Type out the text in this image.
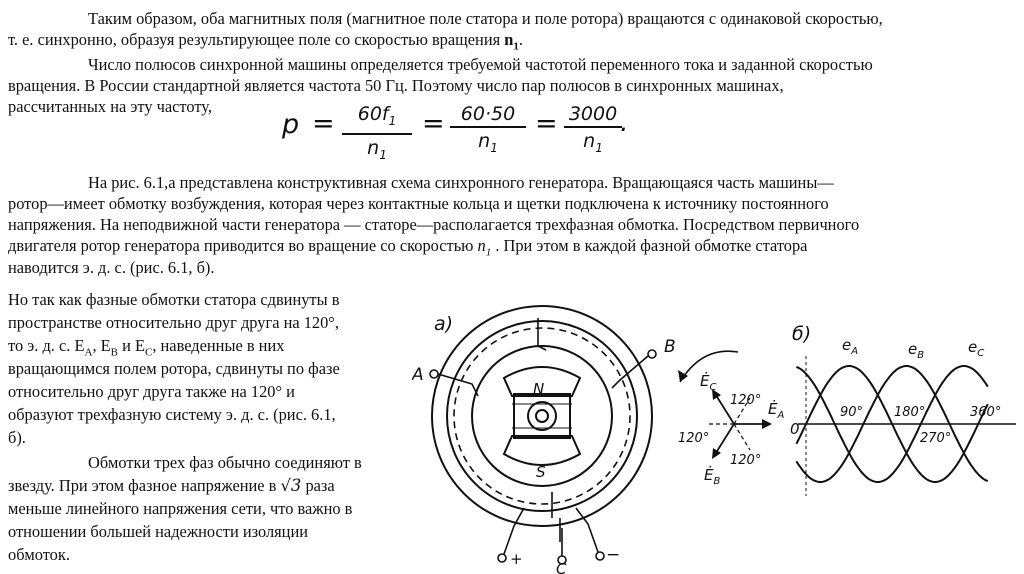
Таким образом, оба магнитных поля (магнитное поле статора и поле ротора) вращаются с одинаковой скоростью,

т. е. синхронно, образуя результирующее поле со скоростью вращения $n_1$.

Число полюсов синхронной машины определяется требуемой частотой переменного тока и заданной скоростью

вращения. В России стандартной является частота 50 Гц. Поэтому число пар полюсов в синхронных машинах,

рассчитанных на эту частоту,

p =	$60f_1$
$n_1$
= 60·50
$n_1$
= 3000
$n_1$
.

На рис. 6.1,а представлена конструктивная схема синхронного генератора. Вращающаяся часть машины—

ротор—имеет обмотку возбуждения, которая через контактные кольца и щетки подключена к источнику постоянного

напряжения. На неподвижной части генератора — статоре—располагается трехфазная обмотка. Посредством первичного

двигателя ротор генератора приводится во вращение со скоростью $n_1$ . При этом в каждой фазной обмотке статора

наводится э. д. с. (рис. 6.1, б).

Но так как фазные обмотки статора сдвинуты в

пространстве относительно друг друга на 120°,

то э. д. с. $E_A$, $E_B$ и $E_C$, наведенные в них

вращающимся полем ротора, сдвинуты по фазе

относительно друг друга также на 120° и

образуют трехфазную систему э. д. с. (рис. 6.1,

б).

Обмотки трех фаз обычно соединяют в

звезду. При этом фазное напряжение в √3 раза

меньше линейного напряжения сети, что важно в

отношении большей надежности изоляции

обмоток.

a)
N
S
A
B
C
+	−
$Ė_C$
$Ė_A$
$Ė_B$
120°
120°
120°
б)
0
$e_A$	$e_B$	$e_C$
90° 180°
270°
360°
